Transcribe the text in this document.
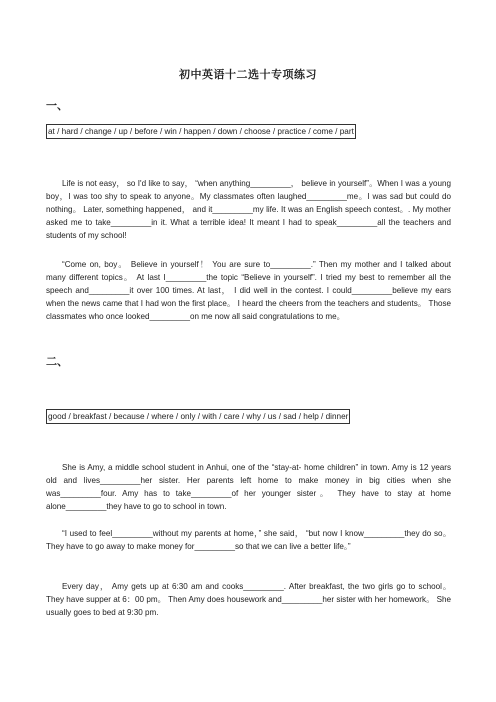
初中英语十二选十专项练习
一、
at / hard / change / up / before / win / happen / down / choose / practice / come / part

Life is not easy， so I'd like to say， “when anything_________， believe in yourself”。When I was a young boy，I was too shy to speak to anyone。My classmates often laughed_________me。I was sad but could do nothing。 Later, something happened， and it_________my life. It was an English speech contest。. My mother asked me to take_________in it. What a terrible idea! It meant I had to speak_________all the teachers and students of my school!

“Come on, boy。 Believe in yourself！ You are sure to_________.” Then my mother and I talked about many different topics。 At last I_________the topic “Believe in yourself”. I tried my best to remember all the speech and_________it over 100 times. At last， I did well in the contest. I could_________believe my ears when the news came that I had won the first place。 I heard the cheers from the teachers and students。 Those classmates who once looked_________on me now all said congratulations to me。

二、
good / breakfast / because / where / only / with / care / why / us / sad / help / dinner

She is Amy, a middle school student in Anhui, one of the “stay-at- home children” in town. Amy is 12 years old and lives_________her sister. Her parents left home to make money in big cities when she was_________four. Amy has to take_________of her younger sister。 They have to stay at home alone_________they have to go to school in town.

“I used to feel_________without my parents at home，” she said， “but now I know_________they do so。 They have to go away to make money for_________so that we can live a better life。”

Every day， Amy gets up at 6:30 am and cooks_________. After breakfast, the two girls go to school。 They have supper at 6：00 pm。 Then Amy does housework and_________her sister with her homework。 She usually goes to bed at 9:30 pm.
